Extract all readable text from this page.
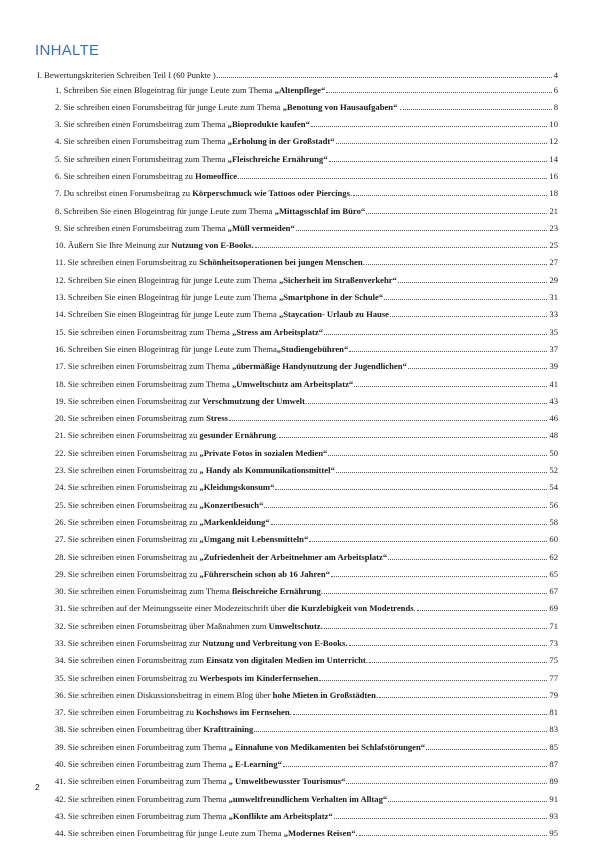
INHALTE
I. Bewertungskriterien Schreiben Teil I (60 Punkte )	4
1. Schreiben Sie einen Blogeintrag für junge Leute zum Thema „Altenpflege“	6
2. Sie schreiben einen Forumsbeitrag für junge Leute zum Thema „Benotung von Hausaufgaben“ .	8
3. Sie schreiben einen Forumsbeitrag zum Thema „Bioprodukte kaufen“	10
4. Sie schreiben einen Forumsbeitrag zum Thema „Erholung in der Großstadt“	12
5. Sie schreiben einen Forumsbeitrag zum Thema „Fleischreiche Ernährung“	14
6. Sie schreiben einen Forumsbeitrag zu Homeoffice.	16
7. Du schreibst einen Forumsbeitrag zu Körperschmuck wie Tattoos oder Piercings.	18
8. Schreiben Sie einen Blogeintrag für junge Leute zum Thema „Mittagsschlaf im Büro“	21
9. Sie schreiben einen Forumsbeitrag zum Thema „Müll vermeiden“	23
10. Äußern Sie Ihre Meinung zur Nutzung von E-Books.	25
11. Sie schreiben einen Forumsbeitrag zu Schönheitsoperationen bei jungen Menschen.	27
12. Schreiben Sie einen Blogeintrag für junge Leute zum Thema „Sicherheit im Straßenverkehr“	29
13. Schreiben Sie einen Blogeintrag für junge Leute zum Thema „Smartphone in der Schule“	31
14. Schreiben Sie einen Blogeintrag für junge Leute zum Thema „Staycation- Urlaub zu Hause	33
15. Sie schreiben einen Forumsbeitrag zum Thema „Stress am Arbeitsplatz“	35
16. Schreiben Sie einen Blogeintrag für junge Leute zum Thema„Studiengebühren“	37
17. Sie schreiben einen Forumsbeitrag zum Thema „übermäßige Handynutzung der Jugendlichen“	39
18. Sie schreiben einen Forumsbeitrag zum Thema „Umweltschutz am Arbeitsplatz“	41
19. Sie schreiben einen Forumsbeitrag zur Verschmutzung der Umwelt.	43
20. Sie schreiben einen Forumsbeitrag zum Stress	46
21. Sie schreiben einen Forumsbeitrag zu gesunder Ernährung.	48
22. Sie schreiben einen Forumsbeitrag zu „Private Fotos in sozialen Medien“	50
23. Sie schreiben einen Forumsbeitrag zu „ Handy als Kommunikationsmittel“	52
24. Sie schreiben einen Forumsbeitrag zu „Kleidungskonsum“	54
25. Sie schreiben einen Forumsbeitrag zu „Konzertbesuch“	56
26. Sie schreiben einen Forumsbeitrag zu „Markenkleidung“	58
27. Sie schreiben einen Forumsbeitrag zu „Umgang mit Lebensmitteln“	60
28. Sie schreiben einen Forumsbeitrag zu „Zufriedenheit der Arbeitnehmer am Arbeitsplatz“	62
29. Sie schreiben einen Forumsbeitrag zu „Führerschein schon ab 16 Jahren“	65
30. Sie schreiben einen Forumsbeitrag zum Thema fleischreiche Ernährung.	67
31. Sie schreiben auf der Meinungsseite einer Modezeitschrift über die Kurzlebigkeit von Modetrends.	69
32. Sie schreiben einen Forumsbeitrag über Maßnahmen zum Umweltschutz.	71
33. Sie schreiben einen Forumsbeitrag zur Nutzung und Verbreitung von E-Books.	73
34. Sie schreiben einen Forumsbeitrag zum Einsatz von digitalen Medien im Unterricht.	75
35. Sie schreiben einen Forumsbeitrag zu Werbespots im Kinderfernsehen	77
36. Sie schreiben einen Diskussionsbeitrag in einem Blog über hohe Mieten in Großstädten.	79
37. Sie schreiben einen Forumbeitrag zu Kochshows im Fernsehen.	81
38. Sie schreiben einen Forumbeitrag über Krafttraining	83
39. Sie schreiben einen Forumbeitrag zum Thema „ Einnahme von Medikamenten bei Schlafstörungen“	85
40. Sie schreiben einen Forumbeitrag zum Thema „ E-Learning“	87
41. Sie schreiben einen Forumbeitrag zum Thema „ Umweltbewusster Tourismus“	89
42. Sie schreiben einen Forumbeitrag zum Thema „umweltfreundlichem Verhalten im Alltag“	91
43. Sie schreiben einen Forumbeitrag zum Thema „Konflikte am Arbeitsplatz“	93
44. Sie schreiben einen Forumbeitrag für junge Leute zum Thema „Modernes Reisen“.	95
2
